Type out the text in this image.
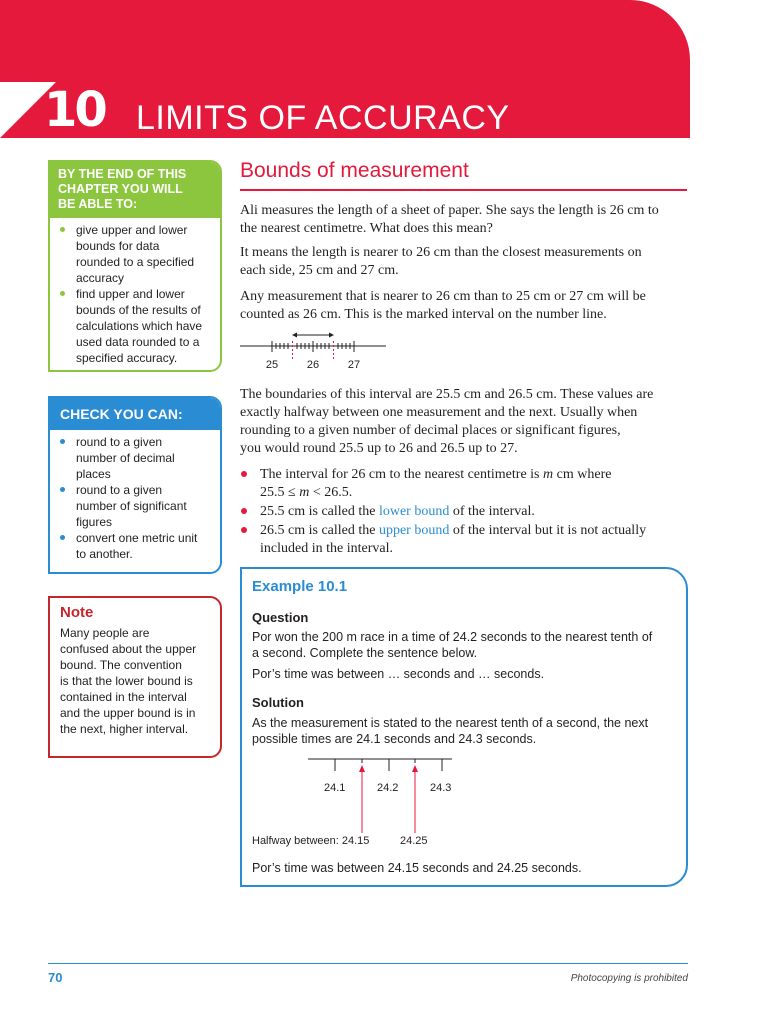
10 LIMITS OF ACCURACY
BY THE END OF THIS
CHAPTER YOU WILL
BE ABLE TO:
give upper and lower
bounds for data
rounded to a specified
accuracy
find upper and lower
bounds of the results of
calculations which have
used data rounded to a
specified accuracy.
CHECK YOU CAN:
round to a given
number of decimal
places
round to a given
number of significant
figures
convert one metric unit
to another.
Note
Many people are
confused about the upper
bound. The convention
is that the lower bound is
contained in the interval
and the upper bound is in
the next, higher interval.
Bounds of measurement
Ali measures the length of a sheet of paper. She says the length is 26 cm to
the nearest centimetre. What does this mean?
It means the length is nearer to 26 cm than the closest measurements on
each side, 25 cm and 27 cm.
Any measurement that is nearer to 26 cm than to 25 cm or 27 cm will be
counted as 26 cm. This is the marked interval on the number line.
25	26	27
The boundaries of this interval are 25.5 cm and 26.5 cm. These values are
exactly halfway between one measurement and the next. Usually when
rounding to a given number of decimal places or significant figures,
you would round 25.5 up to 26 and 26.5 up to 27.
The interval for 26 cm to the nearest centimetre is m cm where
25.5 ≤ m < 26.5.
25.5 cm is called the lower bound of the interval.
26.5 cm is called the upper bound of the interval but it is not actually
included in the interval.
Example 10.1
Question
Por won the 200 m race in a time of 24.2 seconds to the nearest tenth of
a second. Complete the sentence below.
Por’s time was between … seconds and … seconds.
Solution
As the measurement is stated to the nearest tenth of a second, the next
possible times are 24.1 seconds and 24.3 seconds.
24.1	24.2	24.3
Halfway between: 24.15	24.25
Por’s time was between 24.15 seconds and 24.25 seconds.
70	Photocopying is prohibited
